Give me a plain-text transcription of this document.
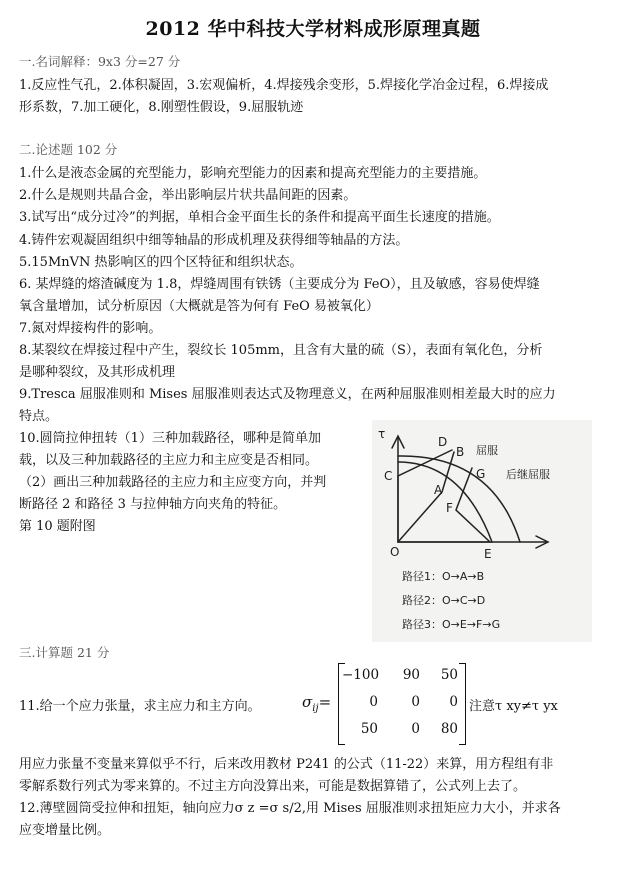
2012 华中科技大学材料成形原理真题
一.名词解释：9x3 分=27 分
1.反应性气孔，2.体积凝固，3.宏观偏析，4.焊接残余变形，5.焊接化学冶金过程，6.焊接成
形系数，7.加工硬化，8.刚塑性假设，9.屈服轨迹
二.论述题 102 分
1.什么是液态金属的充型能力，影响充型能力的因素和提高充型能力的主要措施。
2.什么是规则共晶合金，举出影响层片状共晶间距的因素。
3.试写出“成分过冷”的判据，单相合金平面生长的条件和提高平面生长速度的措施。
4.铸件宏观凝固组织中细等轴晶的形成机理及获得细等轴晶的方法。
5.15MnVN 热影响区的四个区特征和组织状态。
6. 某焊缝的熔渣碱度为 1.8，焊缝周围有铁锈（主要成分为 FeO），且及敏感，容易使焊缝
氧含量增加，试分析原因（大概就是答为何有 FeO 易被氧化）
7.氮对焊接构件的影响。
8.某裂纹在焊接过程中产生，裂纹长 105mm，且含有大量的硫（S），表面有氧化色，分析
是哪种裂纹，及其形成机理
9.Tresca 屈服准则和 Mises 屈服准则表达式及物理意义，在两种屈服准则相差最大时的应力
特点。
10.圆筒拉伸扭转（1）三种加载路径，哪种是简单加
载，以及三种加载路径的主应力和主应变是否相同。
（2）画出三种加载路径的主应力和主应变方向，并判
断路径 2 和路径 3 与拉伸轴方向夹角的特征。
第 10 题附图
τ
D
B 屈服
C	G 后继屈服
A
F
O	E
路径1：O→A→B
路径2：O→C→D
路径3：O→E→F→G
三.计算题 21 分
11.给一个应力张量，求主应力和主方向。	$\sigma_{ij}=$
−100	90	50
0	0	0
50	0	80
注意τ xy≠τ yx
用应力张量不变量来算似乎不行，后来改用教材 P241 的公式（11-22）来算，用方程组有非
零解系数行列式为零来算的。不过主方向没算出来，可能是数据算错了，公式列上去了。
12.薄壁圆筒受拉伸和扭矩，轴向应力σ z =σ s/2,用 Mises 屈服准则求扭矩应力大小，并求各
应变增量比例。
